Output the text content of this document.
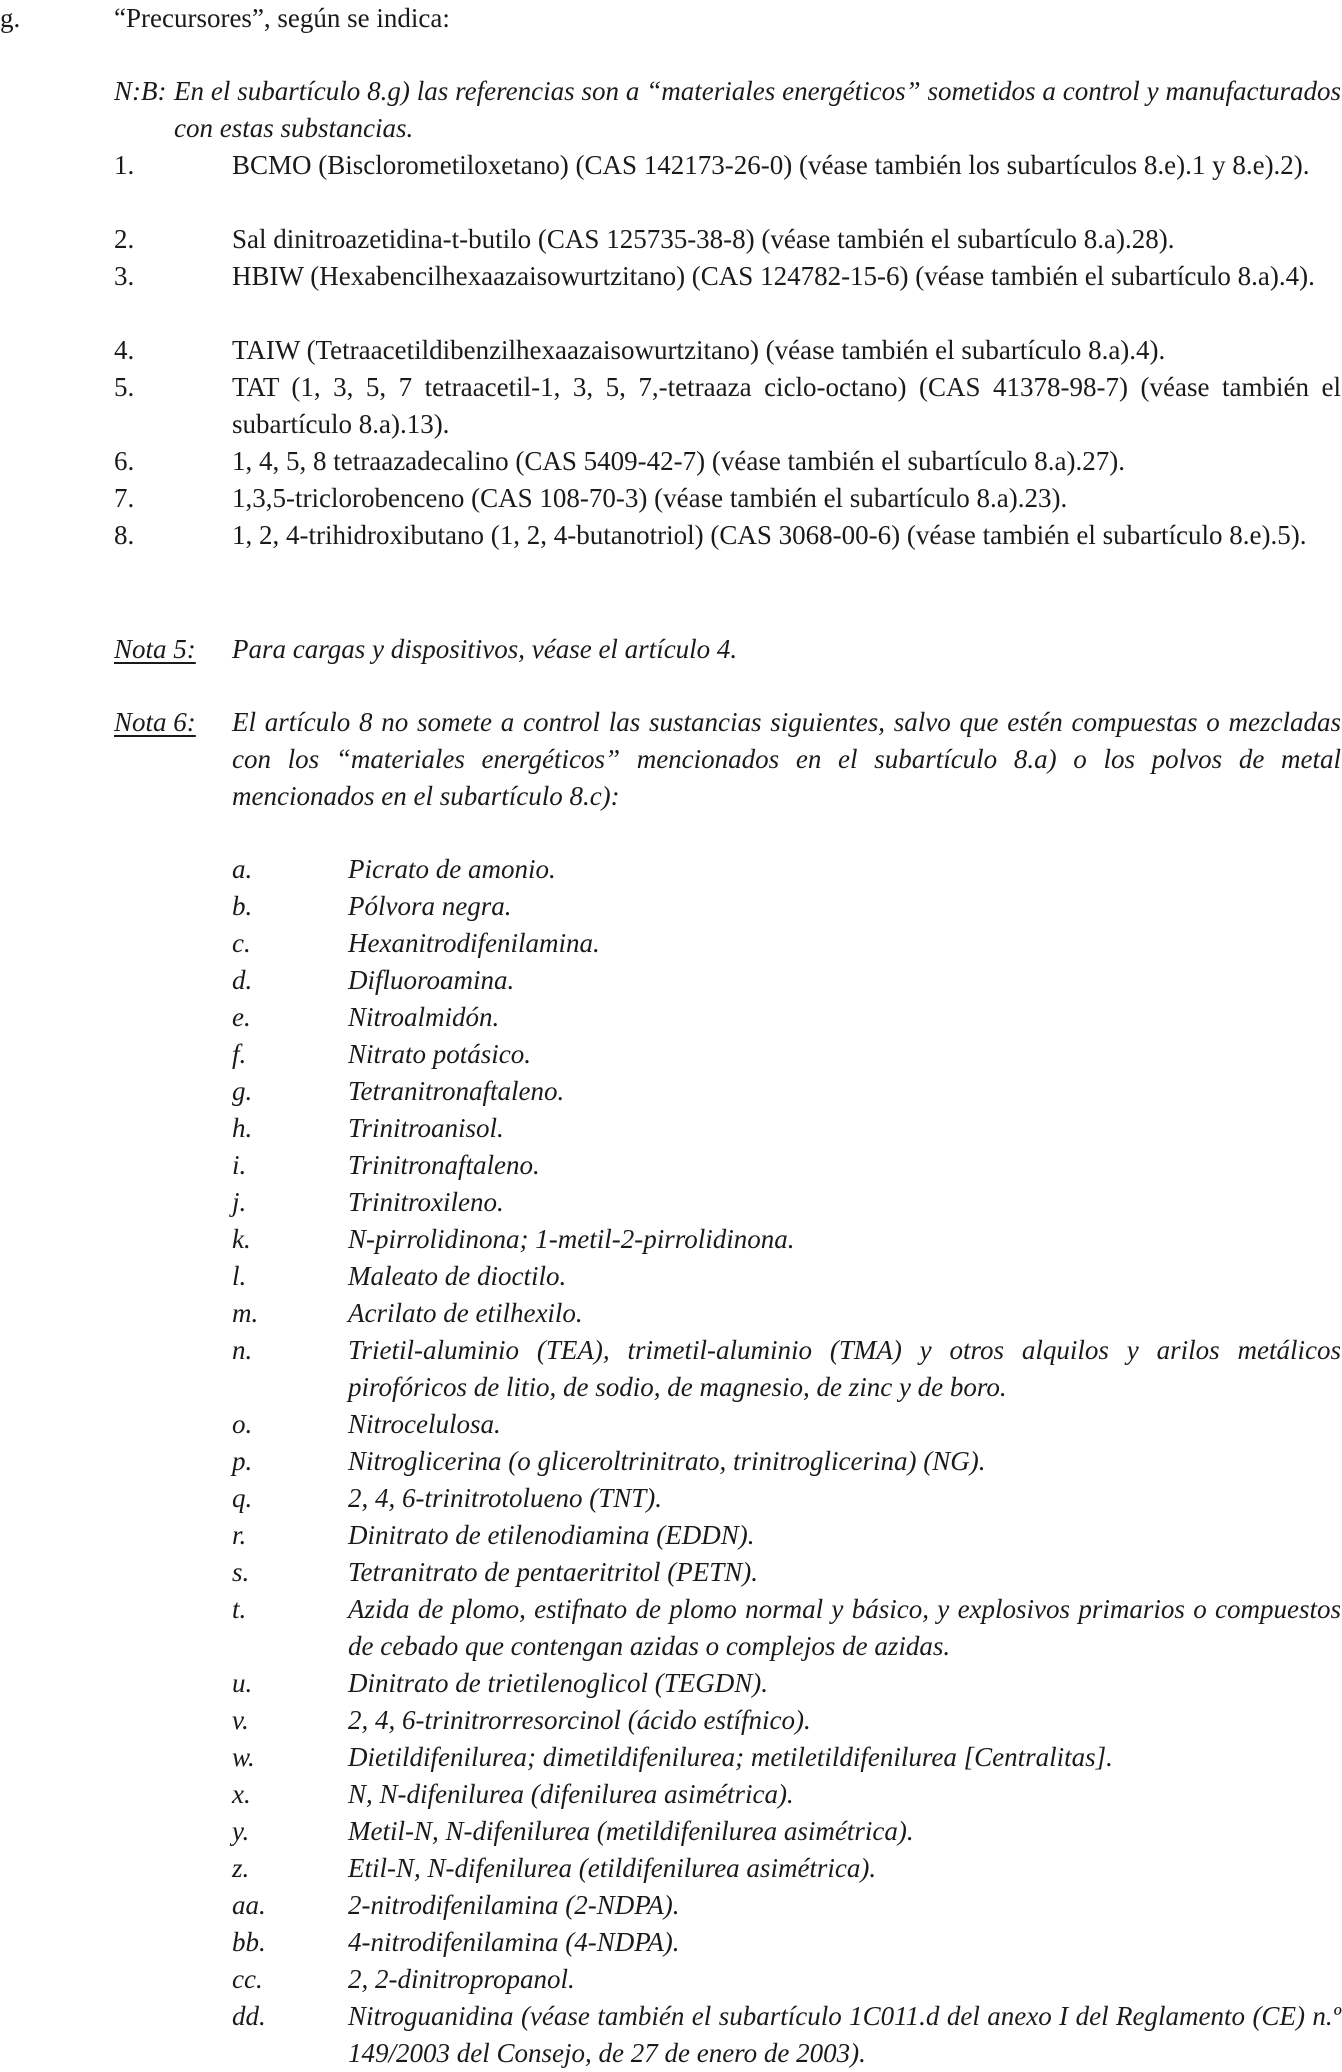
g.	“Precursores”, según se indica:
N:B: En el subartículo 8.g) las referencias son a “materiales energéticos” sometidos a control y manufacturados con estas substancias.
1.	BCMO (Bisclorometiloxetano) (CAS 142173-26-0) (véase también los subartículos 8.e).1 y 8.e).2).
2.	Sal dinitroazetidina-t-butilo (CAS 125735-38-8) (véase también el subartículo 8.a).28).
3.	HBIW (Hexabencilhexaazaisowurtzitano) (CAS 124782-15-6) (véase también el subartículo 8.a).4).
4.	TAIW (Tetraacetildibenzilhexaazaisowurtzitano) (véase también el subartículo 8.a).4).
5.	TAT (1, 3, 5, 7 tetraacetil-1, 3, 5, 7,-tetraaza ciclo-octano) (CAS 41378-98-7) (véase también el subartículo 8.a).13).
6.	1, 4, 5, 8 tetraazadecalino (CAS 5409-42-7) (véase también el subartículo 8.a).27).
7.	1,3,5-triclorobenceno (CAS 108-70-3) (véase también el subartículo 8.a).23).
8.	1, 2, 4-trihidroxibutano (1, 2, 4-butanotriol) (CAS 3068-00-6) (véase también el subartículo 8.e).5).
Nota 5: Para cargas y dispositivos, véase el artículo 4.
Nota 6: El artículo 8 no somete a control las sustancias siguientes, salvo que estén compuestas o mezcladas con los “materiales energéticos” mencionados en el subartículo 8.a) o los polvos de metal mencionados en el subartículo 8.c):
a.	Picrato de amonio.
b.	Pólvora negra.
c.	Hexanitrodifenilamina.
d.	Difluoroamina.
e.	Nitroalmidón.
f.	Nitrato potásico.
g.	Tetranitronaftaleno.
h.	Trinitroanisol.
i.	Trinitronaftaleno.
j.	Trinitroxileno.
k.	N-pirrolidinona; 1-metil-2-pirrolidinona.
l.	Maleato de dioctilo.
m.	Acrilato de etilhexilo.
n.	Trietil-aluminio (TEA), trimetil-aluminio (TMA) y otros alquilos y arilos metálicos pirofóricos de litio, de sodio, de magnesio, de zinc y de boro.
o.	Nitrocelulosa.
p.	Nitroglicerina (o gliceroltrinitrato, trinitroglicerina) (NG).
q.	2, 4, 6-trinitrotolueno (TNT).
r.	Dinitrato de etilenodiamina (EDDN).
s.	Tetranitrato de pentaeritritol (PETN).
t.	Azida de plomo, estifnato de plomo normal y básico, y explosivos primarios o compuestos de cebado que contengan azidas o complejos de azidas.
u.	Dinitrato de trietilenoglicol (TEGDN).
v.	2, 4, 6-trinitrorresorcinol (ácido estífnico).
w.	Dietildifenilurea; dimetildifenilurea; metiletildifenilurea [Centralitas].
x.	N, N-difenilurea (difenilurea asimétrica).
y.	Metil-N, N-difenilurea (metildifenilurea asimétrica).
z.	Etil-N, N-difenilurea (etildifenilurea asimétrica).
aa.	2-nitrodifenilamina (2-NDPA).
bb.	4-nitrodifenilamina (4-NDPA).
cc.	2, 2-dinitropropanol.
dd.	Nitroguanidina (véase también el subartículo 1C011.d del anexo I del Reglamento (CE) n.º 149/2003 del Consejo, de 27 de enero de 2003).
